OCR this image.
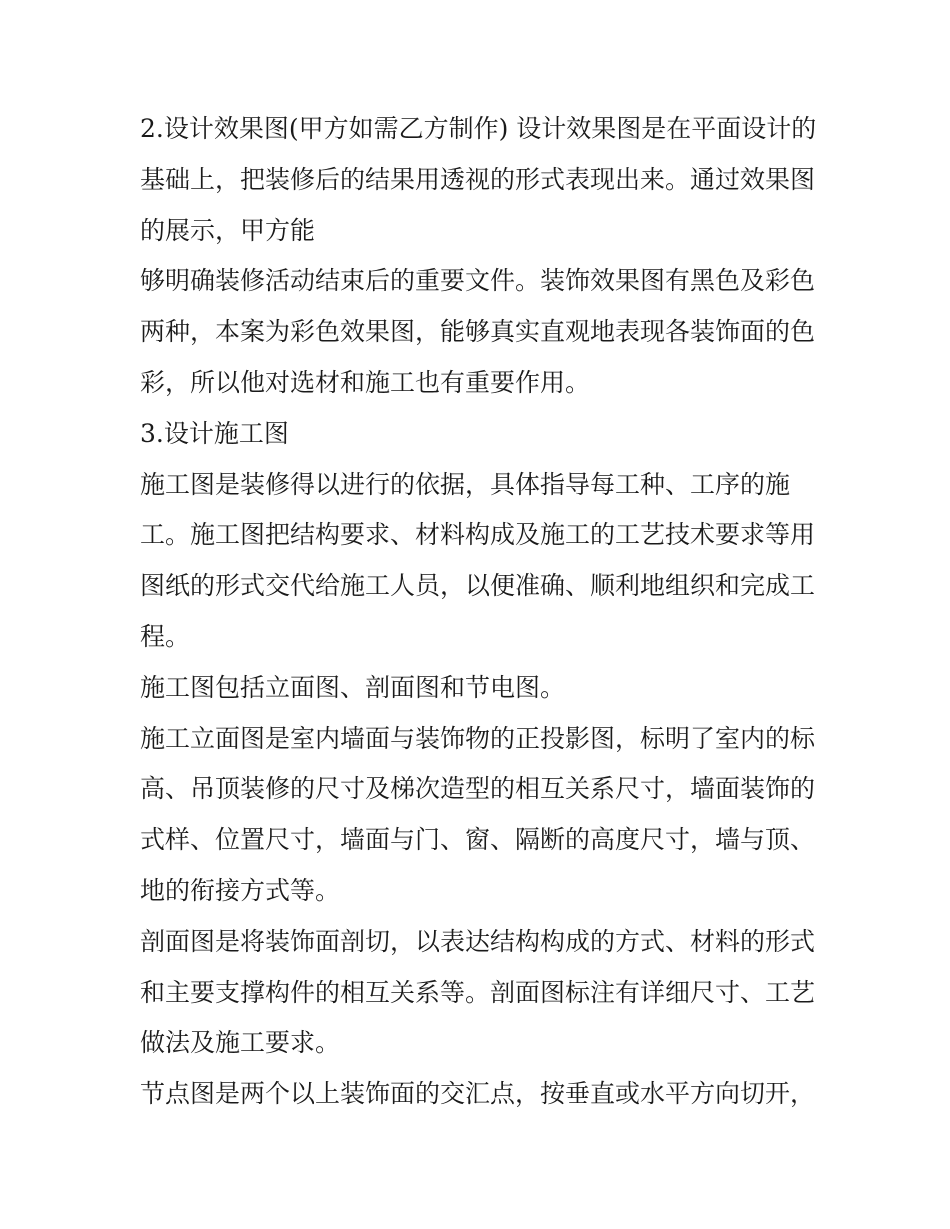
2.设计效果图(甲方如需乙方制作) 设计效果图是在平面设计的基础上，把装修后的结果用透视的形式表现出来。通过效果图的展示，甲方能

够明确装修活动结束后的重要文件。装饰效果图有黑色及彩色两种，本案为彩色效果图，能够真实直观地表现各装饰面的色彩，所以他对选材和施工也有重要作用。

3.设计施工图

施工图是装修得以进行的依据，具体指导每工种、工序的施工。施工图把结构要求、材料构成及施工的工艺技术要求等用图纸的形式交代给施工人员，以便准确、顺利地组织和完成工程。

施工图包括立面图、剖面图和节电图。

施工立面图是室内墙面与装饰物的正投影图，标明了室内的标高、吊顶装修的尺寸及梯次造型的相互关系尺寸，墙面装饰的式样、位置尺寸，墙面与门、窗、隔断的高度尺寸，墙与顶、地的衔接方式等。

剖面图是将装饰面剖切，以表达结构构成的方式、材料的形式和主要支撑构件的相互关系等。剖面图标注有详细尺寸、工艺做法及施工要求。

节点图是两个以上装饰面的交汇点，按垂直或水平方向切开，
